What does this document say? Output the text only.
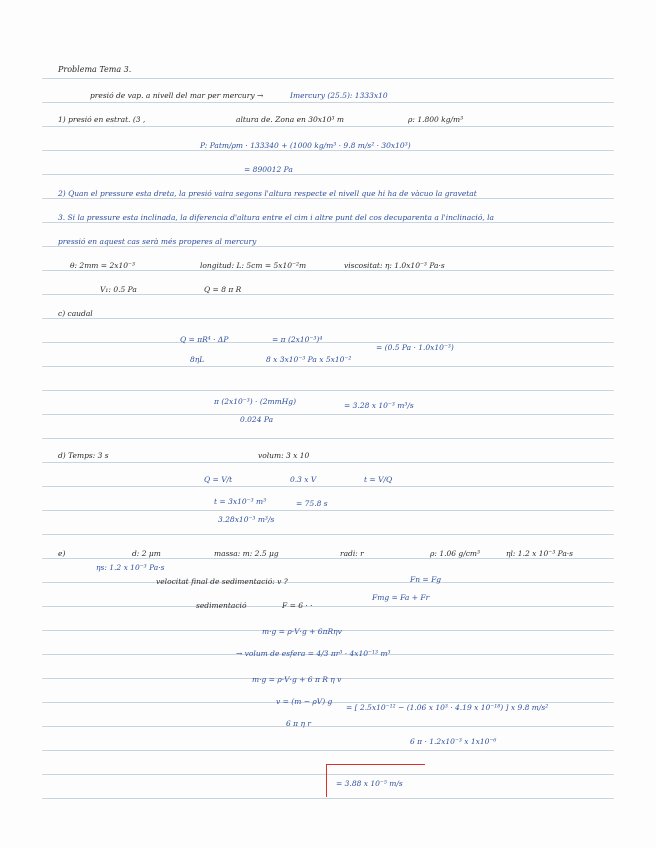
Problema Tema 3.
presió de vap. a nivell del mar per mercury →	Imercury (25.5): 1333x10
1) presió en estrat. (3 ,	altura de. Zona en 30x10³ m	ρ: 1.800 kg/m³
P: Patm/ρm · 133340 + (1000 kg/m³ · 9.8 m/s² · 30x10³)
= 890012 Pa
2) Quan el pressure esta dreta, la presió vaira segons l'altura respecte el nivell que hi ha de vàcuo la gravetat
3. Si la pressure esta inclinada, la diferencia d'altura entre el cim i altre punt del cos decuparenta a l'inclinació, la
pressió en aquest cas serà més properes al mercury
θ: 2mm = 2x10⁻³	longitud: L: 5cm = 5x10⁻²m	viscositat: η: 1.0x10⁻³ Pa·s
V₁: 0.5 Pa	Q = 8 π R
c) caudal
Q = πR⁴ · ΔP
8ηL
= π (2x10⁻³)⁴
8 x 3x10⁻³ Pa x 5x10⁻²
= (0.5 Pa · 1.0x10⁻³)
π (2x10⁻³) · (2mmHg)
0.024 Pa
= 3.28 x 10⁻³ m³/s
d) Temps: 3 s	volum: 3 x 10
Q = V/t	0.3 x V	t = V/Q
t = 3x10⁻³ m³
3.28x10⁻³ m³/s
= 75.8 s
e)	d: 2 μm	massa: m: 2.5 μg	radi: r	ρ: 1.06 g/cm³	ηl: 1.2 x 10⁻³ Pa·s
ηs: 1.2 x 10⁻³ Pa·s
velocitat final de sedimentació: v ?	Fn = Fg
sedimentació	F = 6 · ·
Fmg = Fa + Fr
m·g = ρ·V·g + 6πRηv
→ volum de esfera = 4/3 πr³ · 4x10⁻¹³ m³
m·g = ρ·V·g + 6 π R η v
v = (m − ρV) g
6 π η r
= [ 2.5x10⁻¹² − (1.06 x 10³ · 4.19 x 10⁻¹⁸) ] x 9.8 m/s²
6 π · 1.2x10⁻³ x 1x10⁻⁶
= 3.88 x 10⁻⁵ m/s
